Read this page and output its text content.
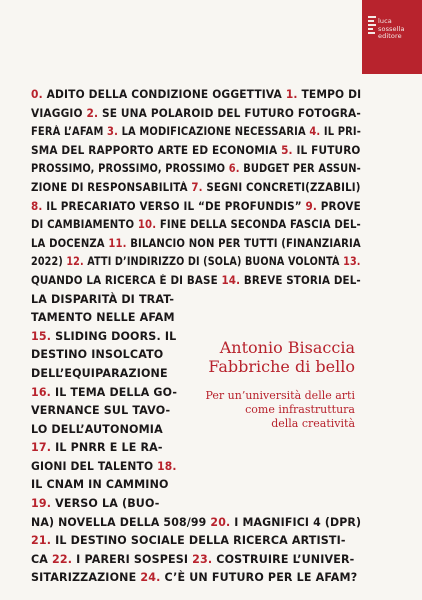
luca
sossella
editore
0. ADITO DELLA CONDIZIONE OGGETTIVA 1. TEMPO DI
VIAGGIO 2. SE UNA POLAROID DEL FUTURO FOTOGRA-
FERÀ L’AFAM 3. LA MODIFICAZIONE NECESSARIA 4. IL PRI-
SMA DEL RAPPORTO ARTE ED ECONOMIA 5. IL FUTURO
PROSSIMO, PROSSIMO, PROSSIMO 6. BUDGET PER ASSUN-
ZIONE DI RESPONSABILITÀ 7. SEGNI CONCRETI(ZZABILI)
8. IL PRECARIATO VERSO IL “DE PROFUNDIS” 9. PROVE
DI CAMBIAMENTO 10. FINE DELLA SECONDA FASCIA DEL-
LA DOCENZA 11. BILANCIO NON PER TUTTI (FINANZIARIA
2022) 12. ATTI D’INDIRIZZO DI (SOLA) BUONA VOLONTÀ 13.
QUANDO LA RICERCA È DI BASE 14. BREVE STORIA DEL-
LA DISPARITÀ DI TRAT-
TAMENTO NELLE AFAM
15. SLIDING DOORS. IL
DESTINO INSOLCATO
DELL’EQUIPARAZIONE
16. IL TEMA DELLA GO-
VERNANCE SUL TAVO-
LO DELL’AUTONOMIA
17. IL PNRR E LE RA-
GIONI DEL TALENTO 18.
IL CNAM IN CAMMINO
19. VERSO LA (BUO-
NA) NOVELLA DELLA 508/99 20. I MAGNIFICI 4 (DPR)
21. IL DESTINO SOCIALE DELLA RICERCA ARTISTI-
CA 22. I PARERI SOSPESI 23. COSTRUIRE L’UNIVER-
SITARIZZAZIONE 24. C’È UN FUTURO PER LE AFAM?
Antonio Bisaccia
Fabbriche di bello
Per un’università delle arti
come infrastruttura
della creatività
